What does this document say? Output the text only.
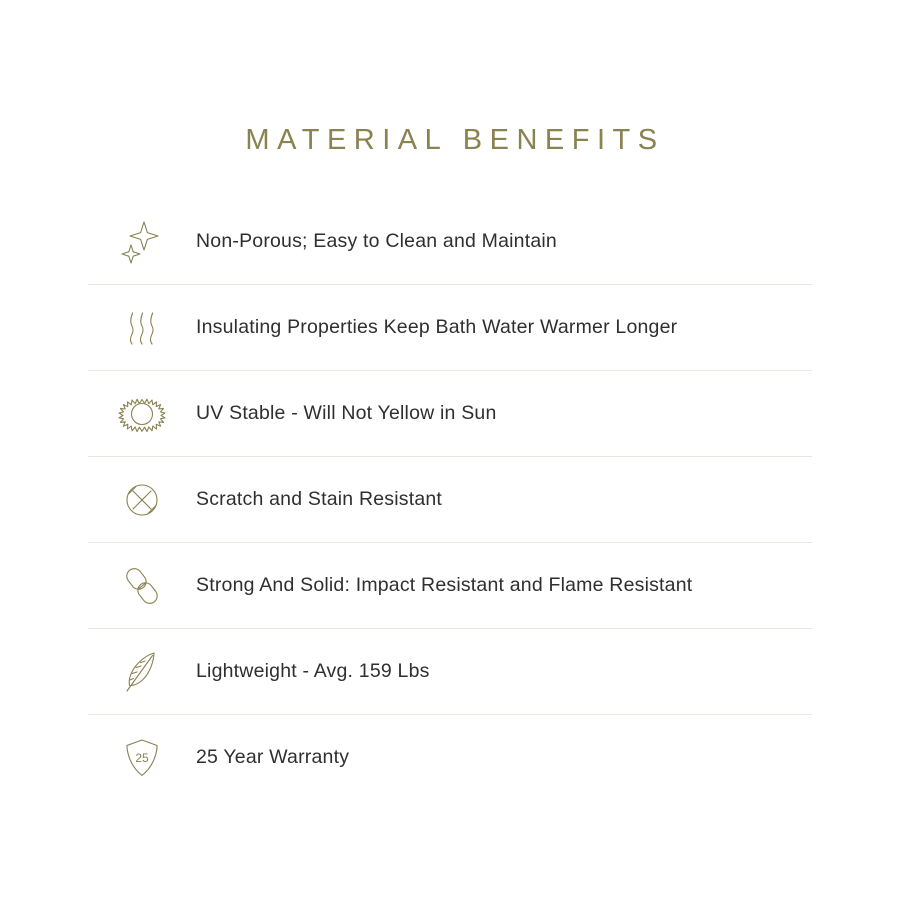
MATERIAL BENEFITS
Non-Porous; Easy to Clean and Maintain
Insulating Properties Keep Bath Water Warmer Longer
UV Stable - Will Not Yellow in Sun
Scratch and Stain Resistant
Strong And Solid: Impact Resistant and Flame Resistant
Lightweight - Avg. 159 Lbs
25 25 Year Warranty
